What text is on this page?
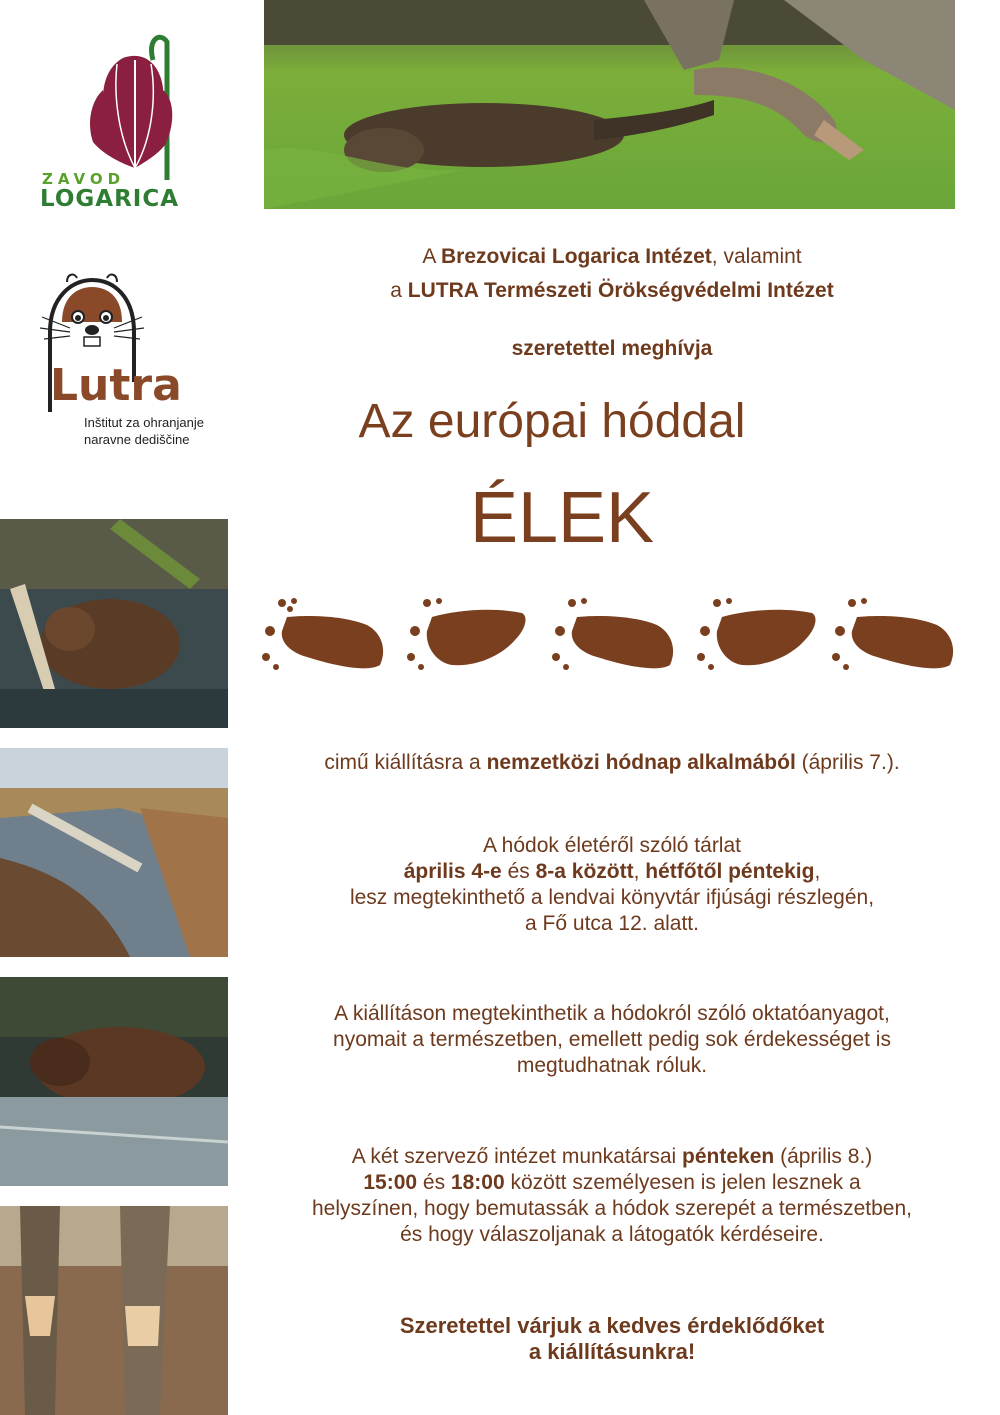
ZAVOD
LOGARICA
Lutra
Inštitut za ohranjanje
naravne dediščine
A Brezovicai Logarica Intézet, valamint
a LUTRA Természeti Örökségvédelmi Intézet
szeretettel meghívja
Az európai hóddal
ÉLEK
cimű kiállításra a nemzetközi hódnap alkalmából (április 7.).
A hódok életéről szóló tárlat
április 4-e és 8-a között, hétfőtől péntekig,
lesz megtekinthető a lendvai könyvtár ifjúsági részlegén,
a Fő utca 12. alatt.
A kiállításon megtekinthetik a hódokról szóló oktatóanyagot,
nyomait a természetben, emellett pedig sok érdekességet is
megtudhatnak róluk.
A két szervező intézet munkatársai pénteken (április 8.)
15:00 és 18:00 között személyesen is jelen lesznek a
helyszínen, hogy bemutassák a hódok szerepét a természetben,
és hogy válaszoljanak a látogatók kérdéseire.
Szeretettel várjuk a kedves érdeklődőket
a kiállításunkra!
